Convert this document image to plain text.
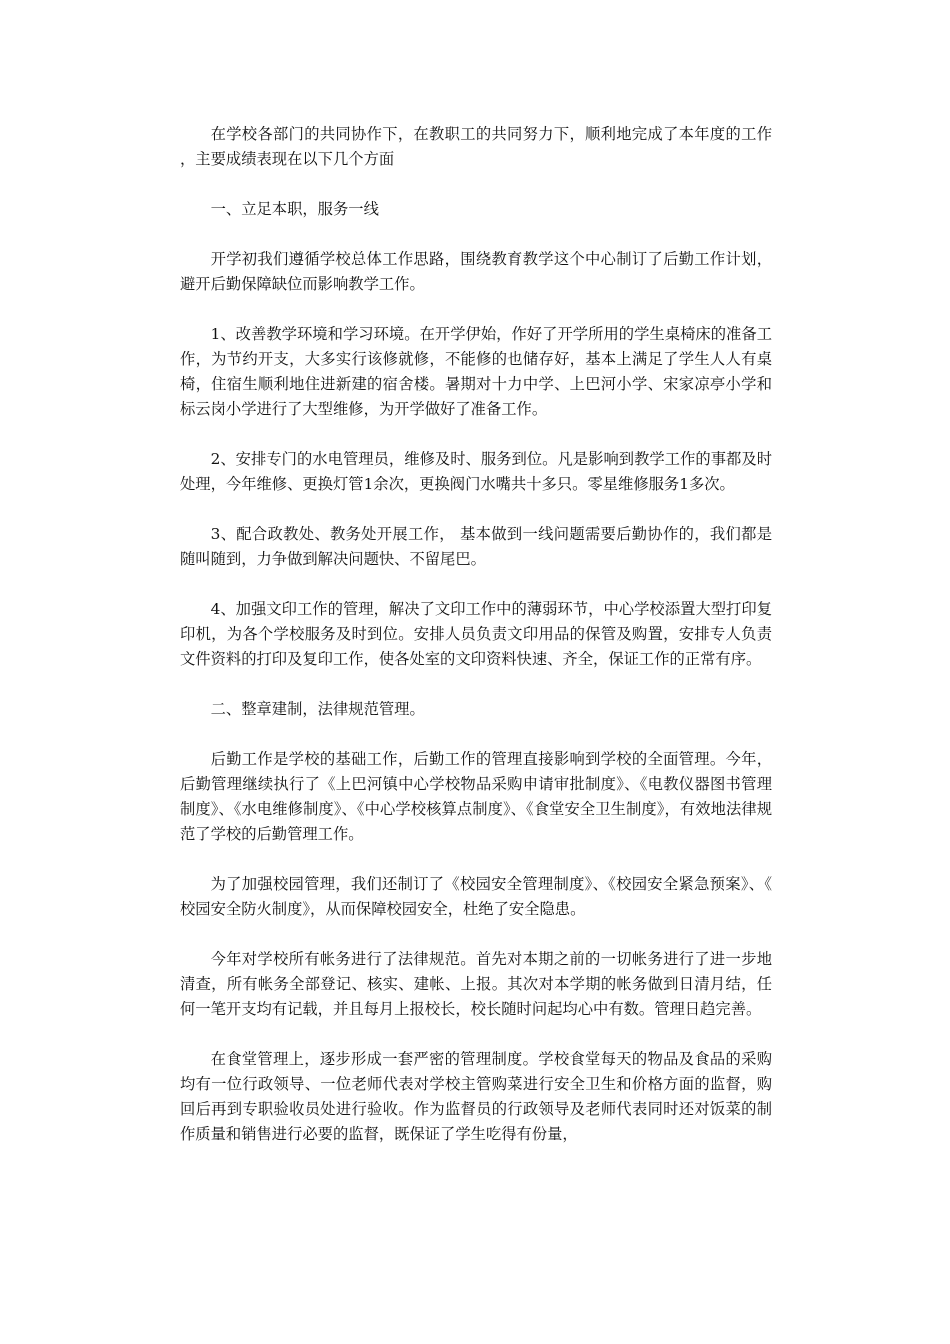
在学校各部门的共同协作下，在教职工的共同努力下，顺利地完成了本年度的工作，主要成绩表现在以下几个方面

一、立足本职，服务一线

开学初我们遵循学校总体工作思路，围绕教育教学这个中心制订了后勤工作计划，避开后勤保障缺位而影响教学工作。

1、改善教学环境和学习环境。在开学伊始，作好了开学所用的学生桌椅床的准备工作，为节约开支，大多实行该修就修，不能修的也储存好，基本上满足了学生人人有桌椅，住宿生顺利地住进新建的宿舍楼。暑期对十力中学、上巴河小学、宋家凉亭小学和标云岗小学进行了大型维修，为开学做好了准备工作。

2、安排专门的水电管理员，维修及时、服务到位。凡是影响到教学工作的事都及时处理，今年维修、更换灯管1余次，更换阀门水嘴共十多只。零星维修服务1多次。

3、配合政教处、教务处开展工作， 基本做到一线问题需要后勤协作的，我们都是随叫随到，力争做到解决问题快、不留尾巴。

4、加强文印工作的管理，解决了文印工作中的薄弱环节，中心学校添置大型打印复印机，为各个学校服务及时到位。安排人员负责文印用品的保管及购置，安排专人负责文件资料的打印及复印工作，使各处室的文印资料快速、齐全，保证工作的正常有序。

二、整章建制，法律规范管理。

后勤工作是学校的基础工作，后勤工作的管理直接影响到学校的全面管理。今年，后勤管理继续执行了《上巴河镇中心学校物品采购申请审批制度》、《电教仪器图书管理制度》、《水电维修制度》、《中心学校核算点制度》、《食堂安全卫生制度》，有效地法律规范了学校的后勤管理工作。

为了加强校园管理，我们还制订了《校园安全管理制度》、《校园安全紧急预案》、《校园安全防火制度》，从而保障校园安全，杜绝了安全隐患。

今年对学校所有帐务进行了法律规范。首先对本期之前的一切帐务进行了进一步地清查，所有帐务全部登记、核实、建帐、上报。其次对本学期的帐务做到日清月结，任何一笔开支均有记载，并且每月上报校长，校长随时问起均心中有数。管理日趋完善。

在食堂管理上，逐步形成一套严密的管理制度。学校食堂每天的物品及食品的采购均有一位行政领导、一位老师代表对学校主管购菜进行安全卫生和价格方面的监督，购回后再到专职验收员处进行验收。作为监督员的行政领导及老师代表同时还对饭菜的制作质量和销售进行必要的监督，既保证了学生吃得有份量，
